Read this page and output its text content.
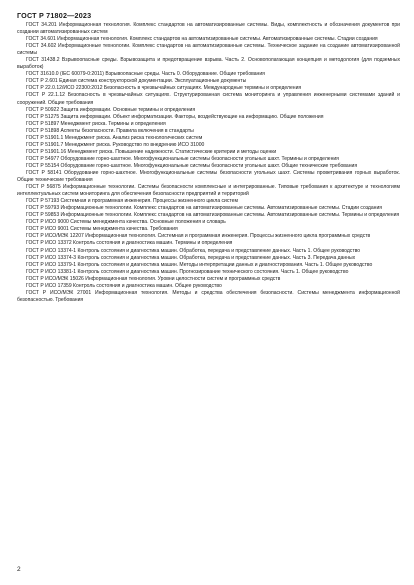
ГОСТ Р 71802—2023

ГОСТ 34.201 Информационная технология. Комплекс стандартов на автоматизированные системы. Виды, комплектность и обозначения документов при создании автоматизированных систем

ГОСТ 34.601 Информационная технология. Комплекс стандартов на автоматизированные системы. Автоматизированные системы. Стадии создания

ГОСТ 34.602 Информационные технологии. Комплекс стандартов на автоматизированные системы. Техническое задание на создание автоматизированной системы

ГОСТ 31438.2 Взрывоопасные среды. Взрывозащита и предотвращение взрыва. Часть 2. Основополагающая концепция и методология (для подземных выработок)

ГОСТ 31610.0 (IEC 60079-0:2011) Взрывоопасные среды. Часть 0. Оборудование. Общие требования

ГОСТ Р 2.601 Единая система конструкторской документации. Эксплуатационные документы

ГОСТ Р 22.0.12/ИСО 22300:2012 Безопасность в чрезвычайных ситуациях. Международные термины и определения

ГОСТ Р 22.1.12 Безопасность в чрезвычайных ситуациях. Структурированная система мониторинга и управления инженерными системами зданий и сооружений. Общие требования

ГОСТ Р 50922 Защита информации. Основные термины и определения

ГОСТ Р 51275 Защита информации. Объект информатизации. Факторы, воздействующие на информацию. Общие положения

ГОСТ Р 51897 Менеджмент риска. Термины и определения

ГОСТ Р 51898 Аспекты безопасности. Правила включения в стандарты

ГОСТ Р 51901.1 Менеджмент риска. Анализ риска технологических систем

ГОСТ Р 51901.7 Менеджмент риска. Руководство по внедрению ИСО 31000

ГОСТ Р 51901.16 Менеджмент риска. Повышение надежности. Статистические критерии и методы оценки

ГОСТ Р 54977 Оборудование горно-шахтное. Многофункциональные системы безопасности угольных шахт. Термины и определения

ГОСТ Р 55154 Оборудование горно-шахтное. Многофункциональные системы безопасности угольных шахт. Общие технические требования

ГОСТ Р 58141 Оборудование горно-шахтное. Многофункциональные системы безопасности угольных шахт. Системы проветривания горных выработок. Общие технические требования

ГОСТ Р 56875 Информационные технологии. Системы безопасности комплексные и интегрированные. Типовые требования к архитектуре и технологиям интеллектуальных систем мониторинга для обеспечения безопасности предприятий и территорий

ГОСТ Р 57193 Системная и программная инженерия. Процессы жизненного цикла систем

ГОСТ Р 59793 Информационные технологии. Комплекс стандартов на автоматизированные системы. Автоматизированные системы. Стадии создания

ГОСТ Р 59853 Информационные технологии. Комплекс стандартов на автоматизированные системы. Автоматизированные системы. Термины и определения

ГОСТ Р ИСО 9000 Системы менеджмента качества. Основные положения и словарь

ГОСТ Р ИСО 9001 Системы менеджмента качества. Требования

ГОСТ Р ИСО/МЭК 12207 Информационная технология. Системная и программная инженерия. Процессы жизненного цикла программных средств

ГОСТ Р ИСО 13372 Контроль состояния и диагностика машин. Термины и определения

ГОСТ Р ИСО 13374-1 Контроль состояния и диагностика машин. Обработка, передача и представление данных. Часть 1. Общее руководство

ГОСТ Р ИСО 13374-3 Контроль состояния и диагностика машин. Обработка, передача и представление данных. Часть 3. Передача данных

ГОСТ Р ИСО 13379-1 Контроль состояния и диагностика машин. Методы интерпретации данных и диагностирования. Часть 1. Общее руководство

ГОСТ Р ИСО 13381-1 Контроль состояния и диагностика машин. Прогнозирование технического состояния. Часть 1. Общее руководство

ГОСТ Р ИСО/МЭК 15026 Информационная технология. Уровни целостности систем и программных средств

ГОСТ Р ИСО 17359 Контроль состояния и диагностика машин. Общее руководство

ГОСТ Р ИСО/МЭК 27001 Информационная технология. Методы и средства обеспечения безопасности. Системы менеджмента информационной безопасностью. Требования

2
